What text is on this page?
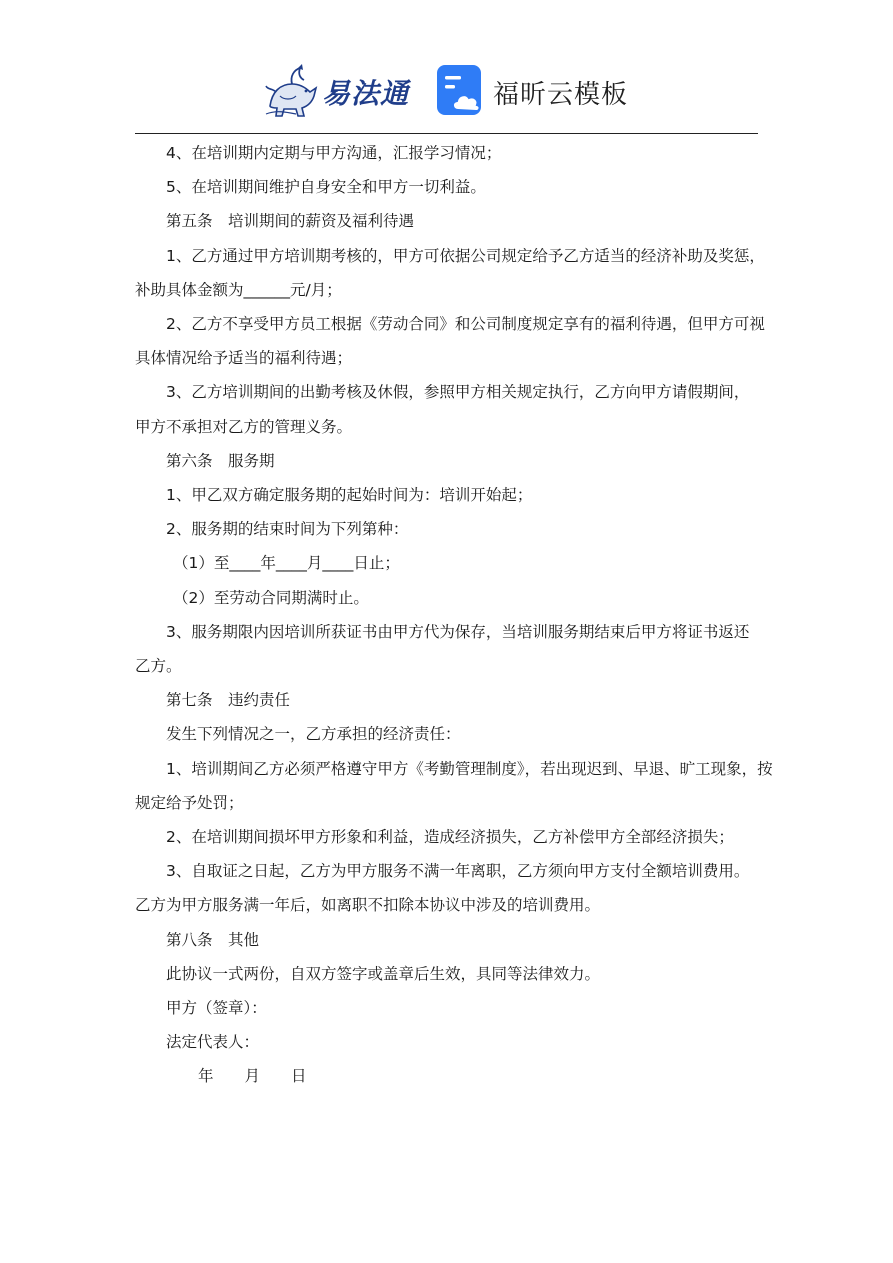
易法通	福昕云模板

4、在培训期内定期与甲方沟通，汇报学习情况；

5、在培训期间维护自身安全和甲方一切利益。

第五条　培训期间的薪资及福利待遇

1、乙方通过甲方培训期考核的，甲方可依据公司规定给予乙方适当的经济补助及奖惩，

补助具体金额为______元/月；

2、乙方不享受甲方员工根据《劳动合同》和公司制度规定享有的福利待遇，但甲方可视

具体情况给予适当的福利待遇；

3、乙方培训期间的出勤考核及休假，参照甲方相关规定执行，乙方向甲方请假期间，

甲方不承担对乙方的管理义务。

第六条　服务期

1、甲乙双方确定服务期的起始时间为：培训开始起；

2、服务期的结束时间为下列第种：

（1）至____年____月____日止；

（2）至劳动合同期满时止。

3、服务期限内因培训所获证书由甲方代为保存，当培训服务期结束后甲方将证书返还

乙方。

第七条　违约责任

发生下列情况之一，乙方承担的经济责任：

1、培训期间乙方必须严格遵守甲方《考勤管理制度》，若出现迟到、早退、旷工现象，按

规定给予处罚；

2、在培训期间损坏甲方形象和利益，造成经济损失，乙方补偿甲方全部经济损失；

3、自取证之日起，乙方为甲方服务不满一年离职，乙方须向甲方支付全额培训费用。

乙方为甲方服务满一年后，如离职不扣除本协议中涉及的培训费用。

第八条　其他

此协议一式两份，自双方签字或盖章后生效，具同等法律效力。

甲方（签章）：

法定代表人：

年　　月　　日
